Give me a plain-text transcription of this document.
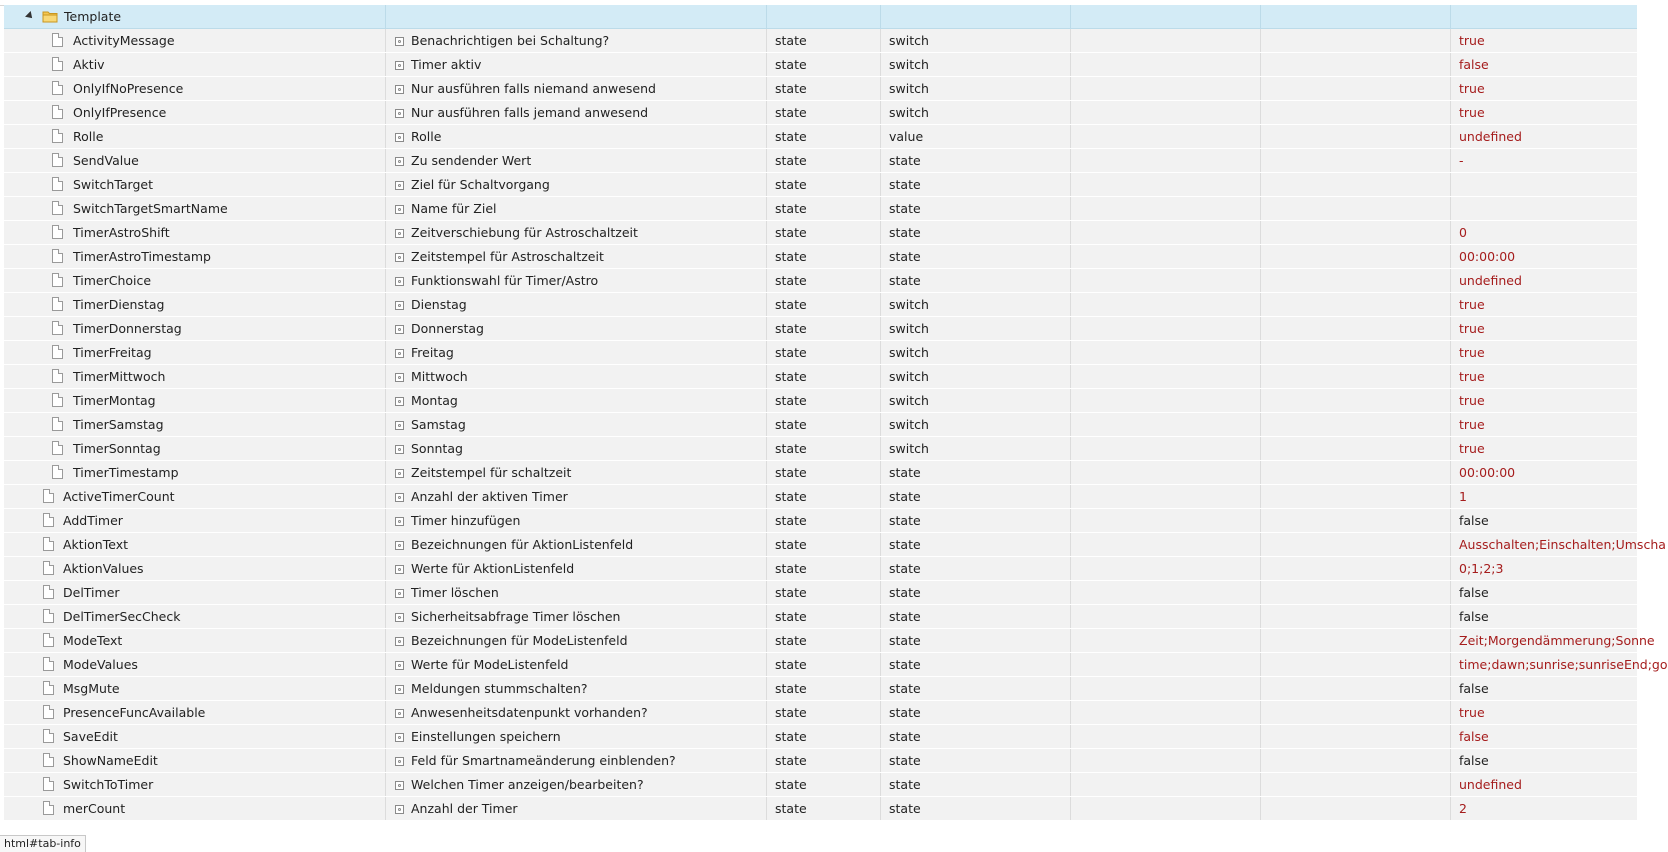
Template
ActivityMessage	Benachrichtigen bei Schaltung?	state	switch	true
Aktiv	Timer aktiv	state	switch	false
OnlyIfNoPresence	Nur ausführen falls niemand anwesend	state	switch	true
OnlyIfPresence	Nur ausführen falls jemand anwesend	state	switch	true
Rolle	Rolle	state	value	undefined
SendValue	Zu sendender Wert	state	state	-
SwitchTarget	Ziel für Schaltvorgang	state	state
SwitchTargetSmartName	Name für Ziel	state	state
TimerAstroShift	Zeitverschiebung für Astroschaltzeit	state	state	0
TimerAstroTimestamp	Zeitstempel für Astroschaltzeit	state	state	00:00:00
TimerChoice	Funktionswahl für Timer/Astro	state	state	undefined
TimerDienstag	Dienstag	state	switch	true
TimerDonnerstag	Donnerstag	state	switch	true
TimerFreitag	Freitag	state	switch	true
TimerMittwoch	Mittwoch	state	switch	true
TimerMontag	Montag	state	switch	true
TimerSamstag	Samstag	state	switch	true
TimerSonntag	Sonntag	state	switch	true
TimerTimestamp	Zeitstempel für schaltzeit	state	state	00:00:00
ActiveTimerCount	Anzahl der aktiven Timer	state	state	1
AddTimer	Timer hinzufügen	state	state	false
AktionText	Bezeichnungen für AktionListenfeld	state	state	Ausschalten;Einschalten;Umscha
AktionValues	Werte für AktionListenfeld	state	state	0;1;2;3
DelTimer	Timer löschen	state	state	false
DelTimerSecCheck	Sicherheitsabfrage Timer löschen	state	state	false
ModeText	Bezeichnungen für ModeListenfeld	state	state	Zeit;Morgendämmerung;Sonne
ModeValues	Werte für ModeListenfeld	state	state	time;dawn;sunrise;sunriseEnd;go
MsgMute	Meldungen stummschalten?	state	state	false
PresenceFuncAvailable	Anwesenheitsdatenpunkt vorhanden?	state	state	true
SaveEdit	Einstellungen speichern	state	state	false
ShowNameEdit	Feld für Smartnameänderung einblenden?	state	state	false
SwitchToTimer	Welchen Timer anzeigen/bearbeiten?	state	state	undefined
merCount	Anzahl der Timer	state	state	2
html#tab-info
